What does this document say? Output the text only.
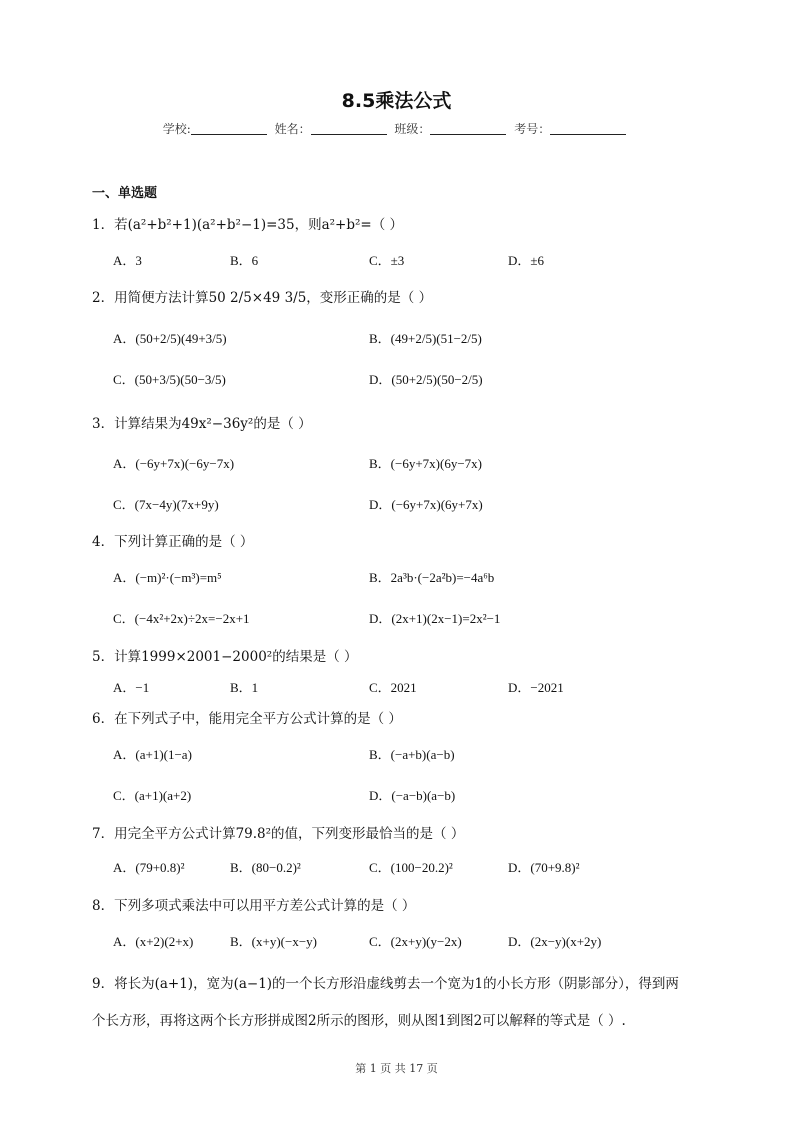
8.5乘法公式
学校:	姓名：	班级：	考号：
一、单选题
1．若(a²+b²+1)(a²+b²−1)=35，则a²+b²=（ ）
A．3	B．6	C．±3	D．±6
2．用简便方法计算50 2/5×49 3/5，变形正确的是（ ）
A．(50+2/5)(49+3/5)	B．(49+2/5)(51−2/5)
C．(50+3/5)(50−3/5)	D．(50+2/5)(50−2/5)
3．计算结果为49x²−36y²的是（ ）
A．(−6y+7x)(−6y−7x)	B．(−6y+7x)(6y−7x)
C．(7x−4y)(7x+9y)	D．(−6y+7x)(6y+7x)
4．下列计算正确的是（ ）
A．(−m)²·(−m³)=m⁵	B．2a³b·(−2a²b)=−4a⁶b
C．(−4x²+2x)÷2x=−2x+1	D．(2x+1)(2x−1)=2x²−1
5．计算1999×2001−2000²的结果是（ ）
A．−1	B．1	C．2021	D．−2021
6．在下列式子中，能用完全平方公式计算的是（ ）
A．(a+1)(1−a)	B．(−a+b)(a−b)
C．(a+1)(a+2)	D．(−a−b)(a−b)
7．用完全平方公式计算79.8²的值，下列变形最恰当的是（ ）
A．(79+0.8)²	B．(80−0.2)²	C．(100−20.2)²	D．(70+9.8)²
8．下列多项式乘法中可以用平方差公式计算的是（ ）
A．(x+2)(2+x)	B．(x+y)(−x−y)	C．(2x+y)(y−2x)	D．(2x−y)(x+2y)
9．将长为(a+1)，宽为(a−1)的一个长方形沿虚线剪去一个宽为1的小长方形（阴影部分），得到两
个长方形，再将这两个长方形拼成图2所示的图形，则从图1到图2可以解释的等式是（ ）.
第 1 页 共 17 页
